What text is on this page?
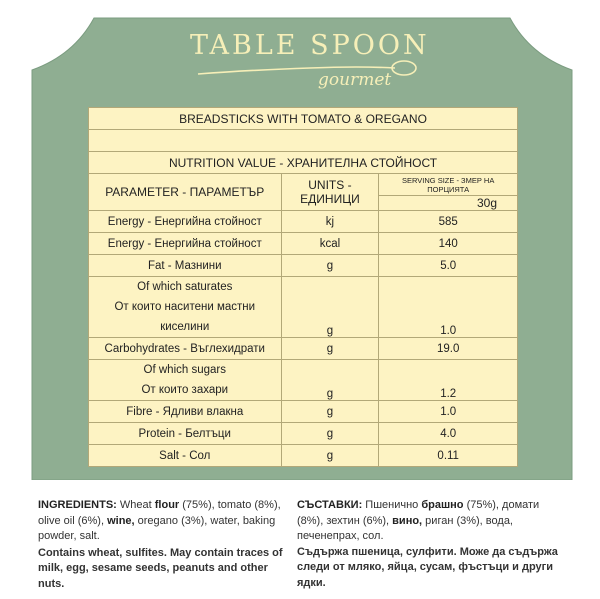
TABLE SPOON
gourmet
BREADSTICKS WITH TOMATO & OREGANO		

NUTRITION VALUE - ХРАНИТЕЛНА СТОЙНОСТ		
PARAMETER - ПАРАМЕТЪР	UNITS - ЕДИНИЦИ	SERVING SIZE - ЗМЕР НА ПОРЦИЯТА
		30g
Energy - Енергийна стойност	kj	585
Energy - Енергийна стойност	kcal	140
Fat - Мазнини	g	5.0

Of which saturates
От които наситени мастни киселини	g	1.0
Carbohydrates - Въглехидрати	g	19.0

Of which sugars
От които захари	g	1.2
Fibre - Ядливи влакна	g	1.0
Protein - Белтъци	g	4.0
Salt - Сол	g	0.11
INGREDIENTS: Wheat flour (75%), tomato (8%), olive oil (6%), wine, oregano (3%), water, baking powder, salt.
Contains wheat, sulfites. May contain traces of milk, egg, sesame seeds, peanuts and other nuts.
СЪСТАВКИ: Пшенично брашно (75%), домати (8%), зехтин (6%), вино, риган (3%), вода, печенепрах, сол.
Съдържа пшеница, сулфити. Може да съдържа следи от мляко, яйца, сусам, фъстъци и други ядки.
